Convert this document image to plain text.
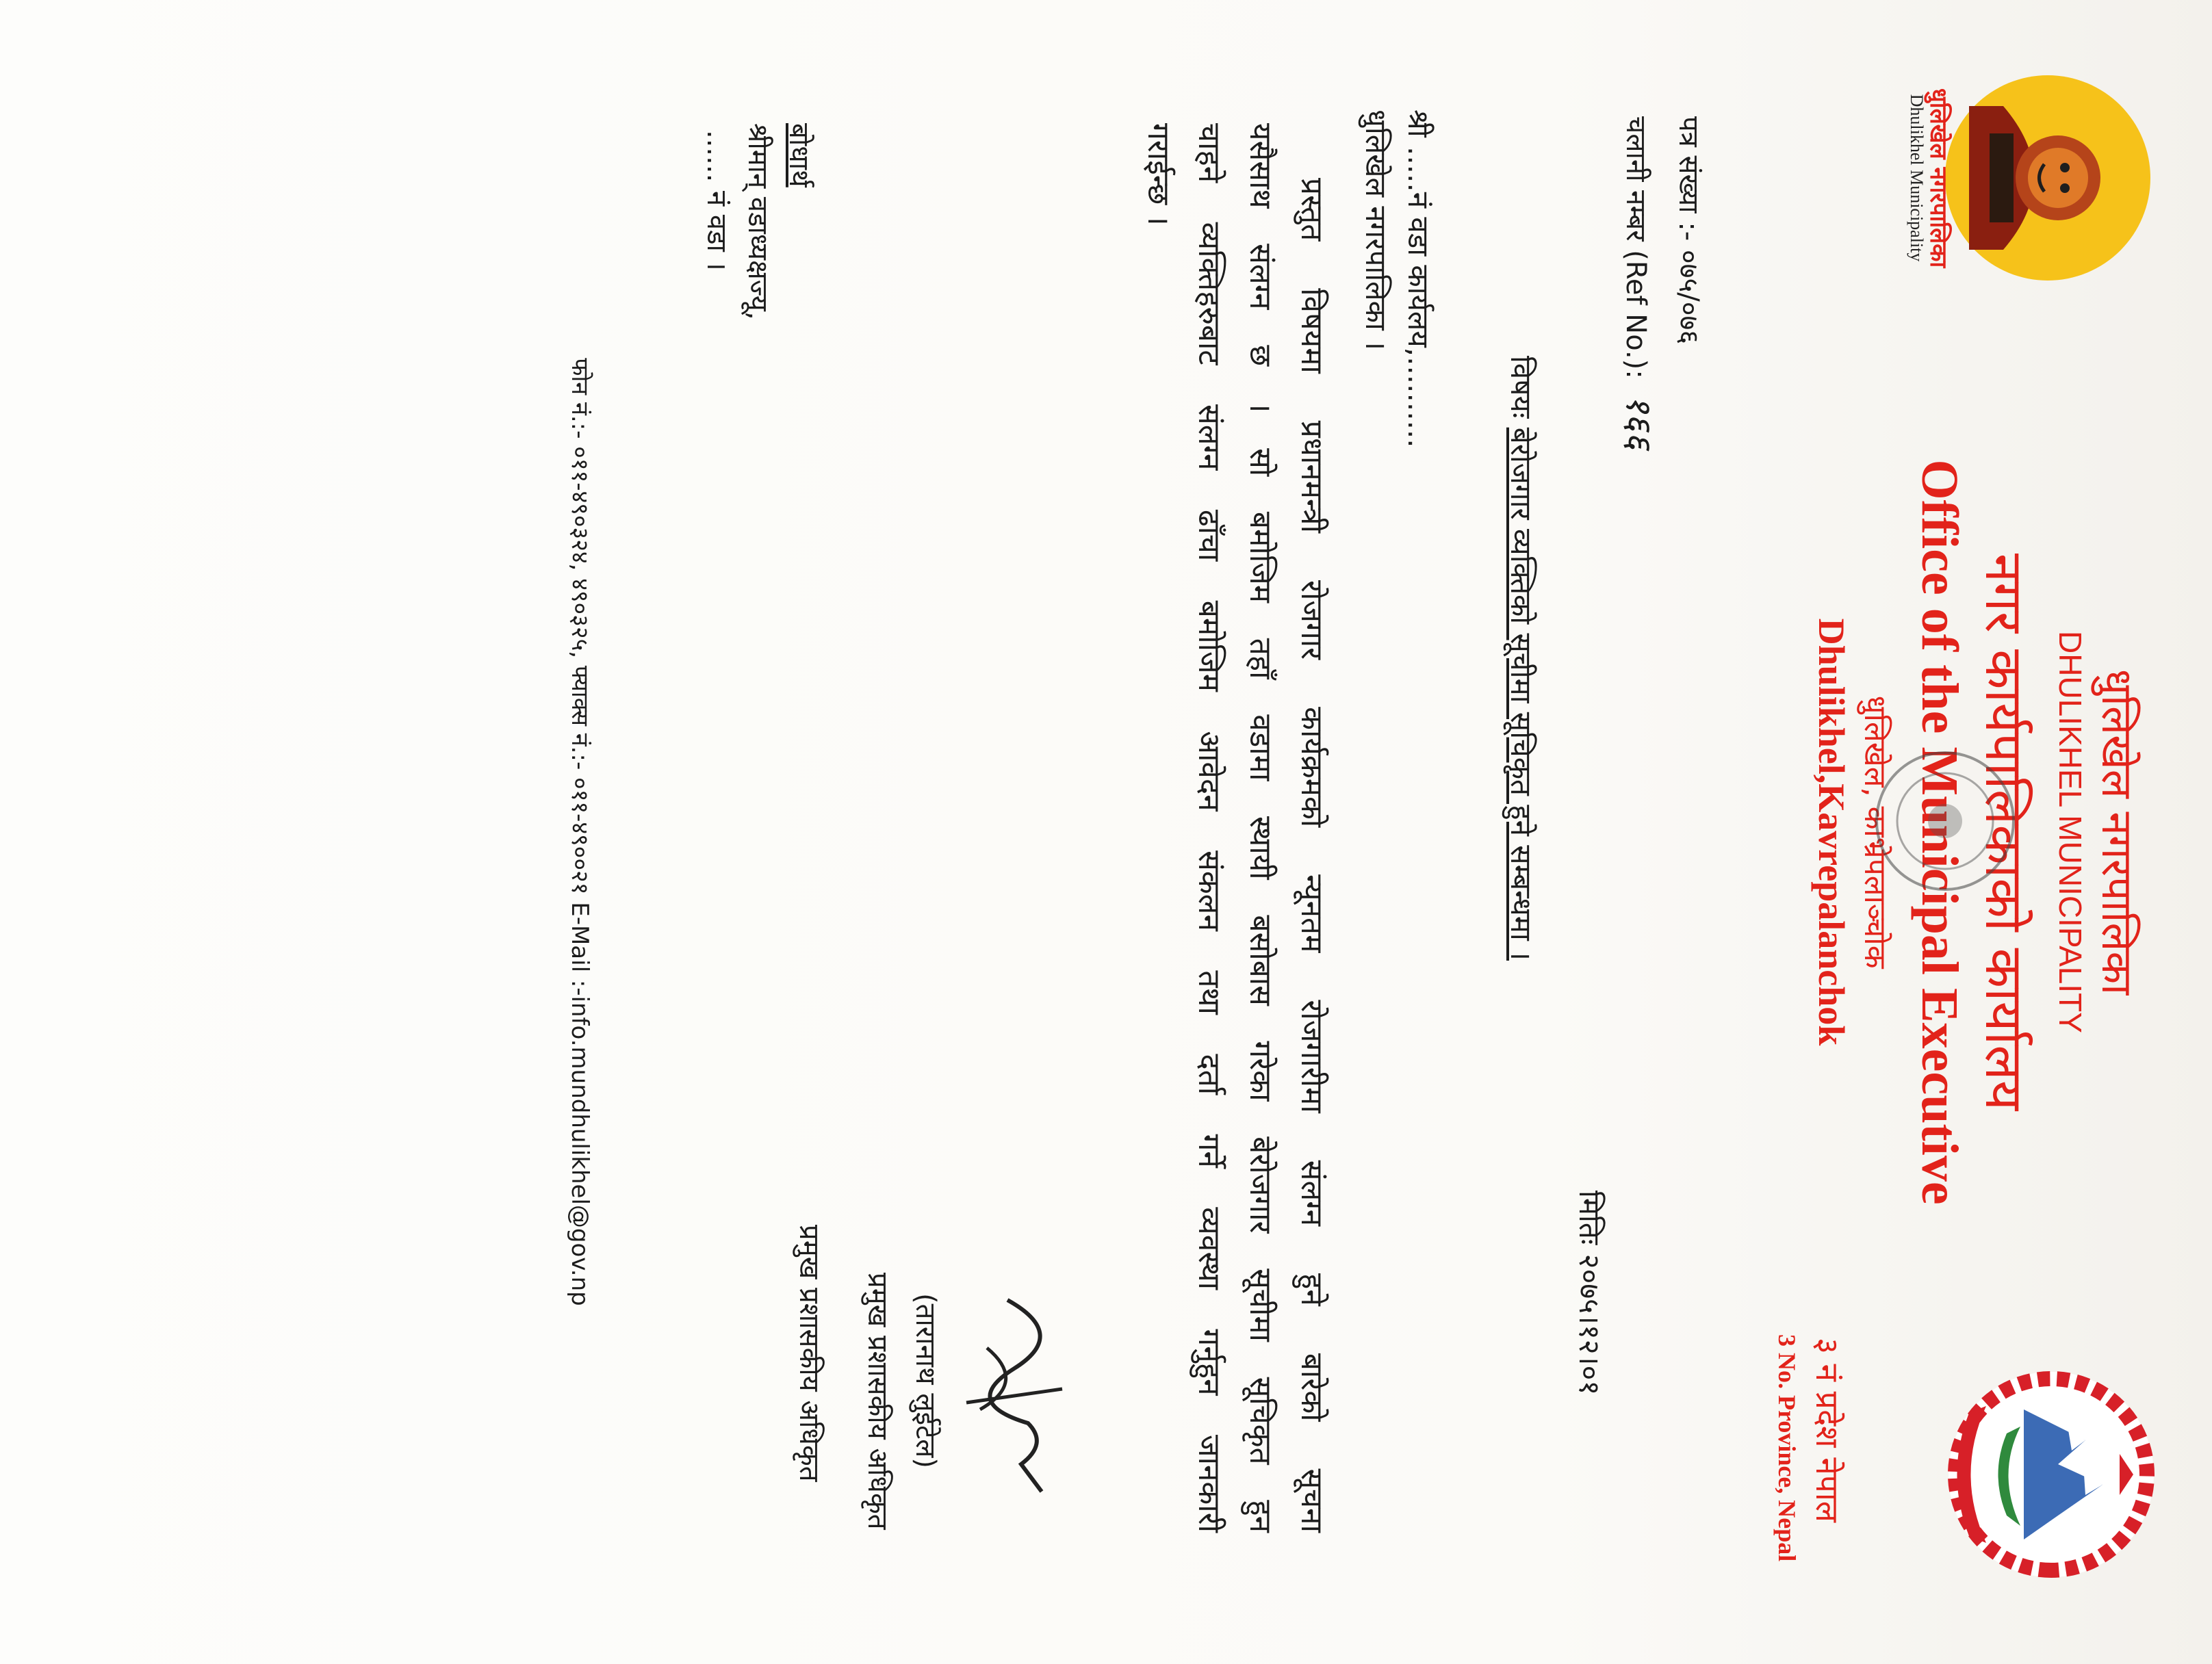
धुलिखेल नगरपालिका
Dhulikhel Municipality
धुलिखेल नगरपालिका
DHULIKHEL MUNICIPALITY
नगर कार्यपालिकाको कार्यालय
Office of the Municipal Executive
धुलिखेल, काभ्रेपलाञ्चोक
Dhulikhel,Kavrepalanchok
३ नं प्रदेश नेपाल
3 No. Province, Nepal
पत्र संख्या :- ०७५/०७६
चलानी नम्बर (Ref No.): १६६
मितिः २०७५।१२।०१
विषयः बेरोजगार व्यक्तिको सूचीमा सूचिकृत हुने सम्बन्धमा ।
श्री .....नं वडा कार्यलय,..........
धुलिखेल नगरपालिका ।
प्रस्तुत विषयमा प्रधानमन्त्री रोजगार कार्यक्रमको न्यूनतम रोजगारीमा संलग्न हुने बारेको सूचना
यसैसाथ संलग्न छ । सो बमोजिम तहाँ वडामा स्थायी बसोबास गरेका बेरोजगार सूचीमा सूचिकृत हुन
चाहने व्यक्तिहरुबाट संलग्न ढाँचा बमोजिम आवेदन संकलन तथा दर्ता गर्ने व्यवस्था गर्नुहुन जानकारी
गराईन्छ ।
(तारानाथ लुईटेल)
प्रमुख प्रशासकीय अधिकृत
प्रमुख प्रशासकीय अधिकृत
बोधार्थ
श्रीमान् वडाध्यक्षज्यू,
...... नं वडा ।
फोन नं.:- ०११-४९०३२४, ४९०३२५, फ्याक्स नं.:- ०११-४९००२१ E-Mail :-info.mundhulikhel@gov.np
